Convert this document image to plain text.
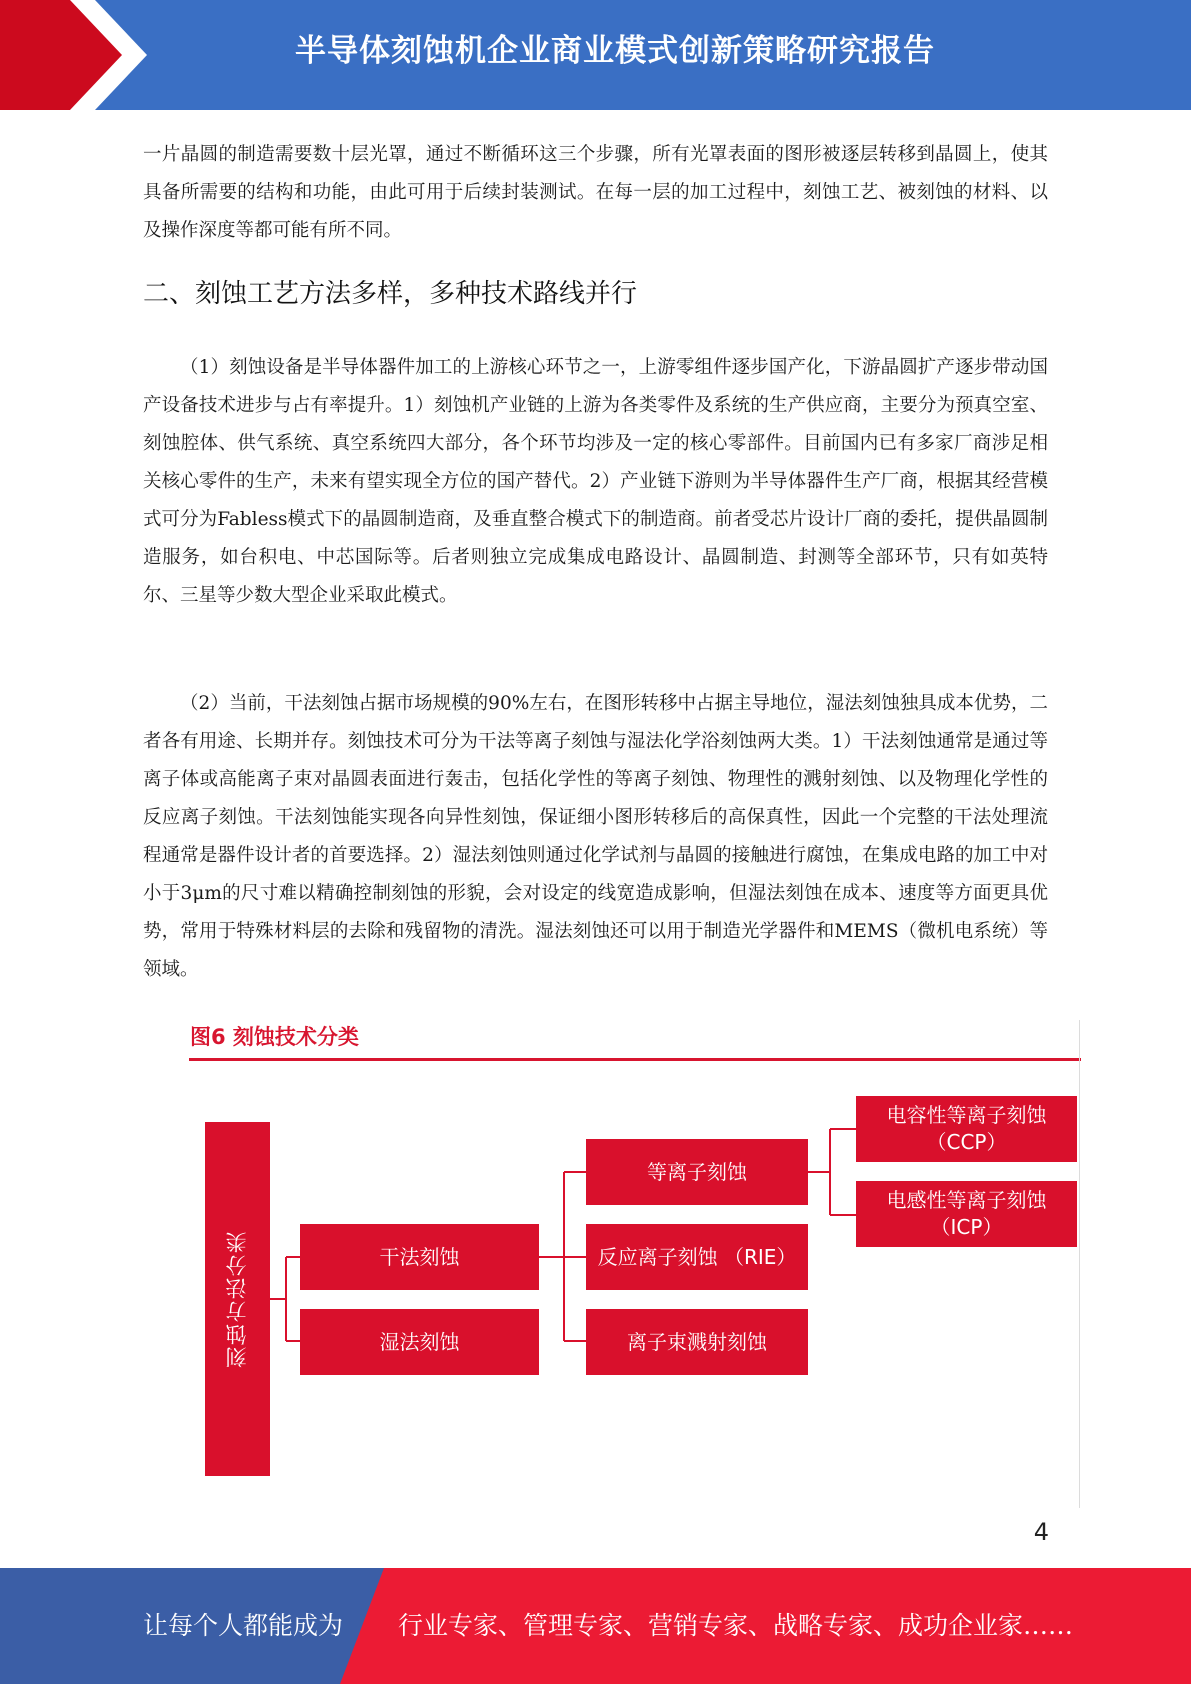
半导体刻蚀机企业商业模式创新策略研究报告

一片晶圆的制造需要数十层光罩，通过不断循环这三个步骤，所有光罩表面的图形被逐层转移到晶圆上，使其具备所需要的结构和功能，由此可用于后续封装测试。在每一层的加工过程中，刻蚀工艺、被刻蚀的材料、以及操作深度等都可能有所不同。

二、刻蚀工艺方法多样，多种技术路线并行

（1）刻蚀设备是半导体器件加工的上游核心环节之一，上游零组件逐步国产化，下游晶圆扩产逐步带动国产设备技术进步与占有率提升。1）刻蚀机产业链的上游为各类零件及系统的生产供应商，主要分为预真空室、刻蚀腔体、供气系统、真空系统四大部分，各个环节均涉及一定的核心零部件。目前国内已有多家厂商涉足相关核心零件的生产，未来有望实现全方位的国产替代。2）产业链下游则为半导体器件生产厂商，根据其经营模式可分为Fabless模式下的晶圆制造商，及垂直整合模式下的制造商。前者受芯片设计厂商的委托，提供晶圆制造服务，如台积电、中芯国际等。后者则独立完成集成电路设计、晶圆制造、封测等全部环节，只有如英特尔、三星等少数大型企业采取此模式。

（2）当前，干法刻蚀占据市场规模的90%左右，在图形转移中占据主导地位，湿法刻蚀独具成本优势，二者各有用途、长期并存。刻蚀技术可分为干法等离子刻蚀与湿法化学浴刻蚀两大类。1）干法刻蚀通常是通过等离子体或高能离子束对晶圆表面进行轰击，包括化学性的等离子刻蚀、物理性的溅射刻蚀、以及物理化学性的反应离子刻蚀。干法刻蚀能实现各向异性刻蚀，保证细小图形转移后的高保真性，因此一个完整的干法处理流程通常是器件设计者的首要选择。2）湿法刻蚀则通过化学试剂与晶圆的接触进行腐蚀，在集成电路的加工中对小于3μm的尺寸难以精确控制刻蚀的形貌，会对设定的线宽造成影响，但湿法刻蚀在成本、速度等方面更具优势，常用于特殊材料层的去除和残留物的清洗。湿法刻蚀还可以用于制造光学器件和MEMS（微机电系统）等领域。

图6 刻蚀技术分类
刻蚀方法分类	干法刻蚀
湿法刻蚀
等离子刻蚀
反应离子刻蚀 （RIE）
离子束溅射刻蚀
电容性等离子刻蚀
（CCP）
电感性等离子刻蚀
（ICP）
4
让每个人都能成为 行业专家、管理专家、营销专家、战略专家、成功企业家……
